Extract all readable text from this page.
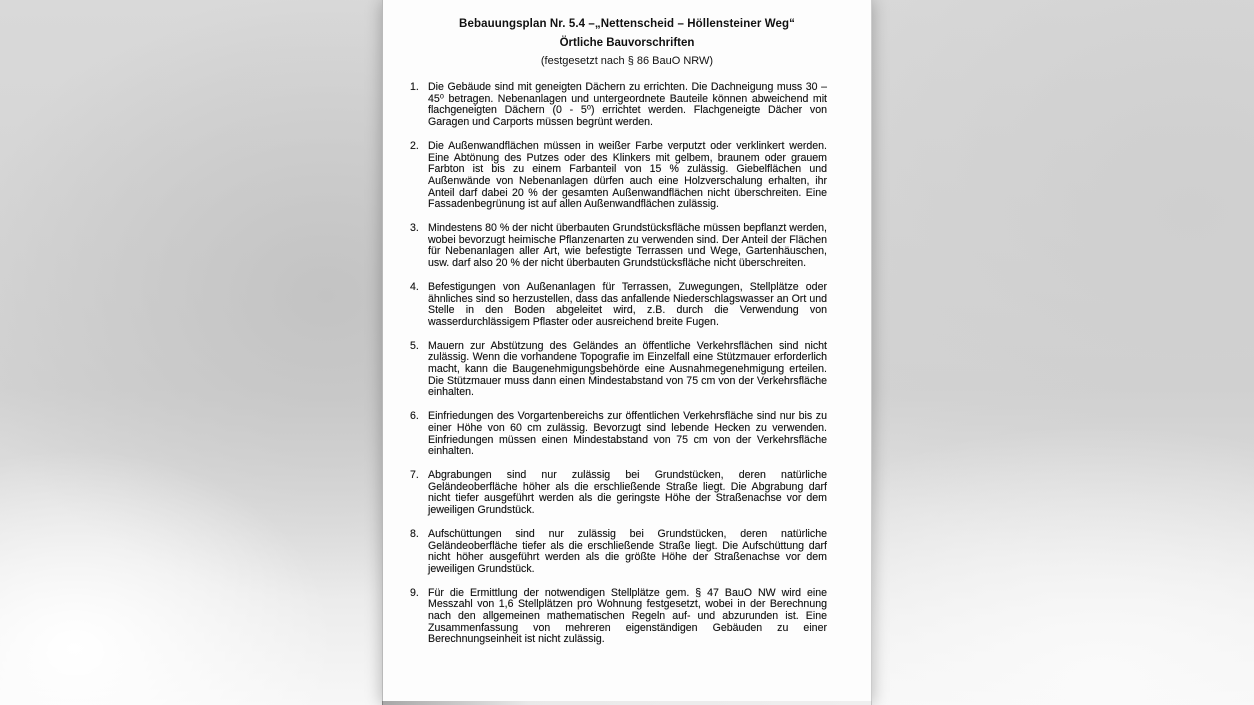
Bebauungsplan Nr. 5.4 –„Nettenscheid – Höllensteiner Weg“

Örtliche Bauvorschriften

(festgesetzt nach § 86 BauO NRW)

1. Die Gebäude sind mit geneigten Dächern zu errichten. Die Dachneigung muss 30 – 45⁰ betragen. Nebenanlagen und untergeordnete Bauteile können abweichend mit flachgeneigten Dächern (0 - 5⁰) errichtet werden. Flachgeneigte Dächer von Garagen und Carports müssen begrünt werden.

2. Die Außenwandflächen müssen in weißer Farbe verputzt oder verklinkert werden. Eine Abtönung des Putzes oder des Klinkers mit gelbem, braunem oder grauem Farbton ist bis zu einem Farbanteil von 15 % zulässig. Giebelflächen und Außenwände von Nebenanlagen dürfen auch eine Holzverschalung erhalten, ihr Anteil darf dabei 20 % der gesamten Außenwandflächen nicht überschreiten. Eine Fassadenbegrünung ist auf allen Außenwandflächen zulässig.

3. Mindestens 80 % der nicht überbauten Grundstücksfläche müssen bepflanzt werden, wobei bevorzugt heimische Pflanzenarten zu verwenden sind. Der Anteil der Flächen für Nebenanlagen aller Art, wie befestigte Terrassen und Wege, Gartenhäuschen, usw. darf also 20 % der nicht überbauten Grundstücksfläche nicht überschreiten.

4. Befestigungen von Außenanlagen für Terrassen, Zuwegungen, Stellplätze oder ähnliches sind so herzustellen, dass das anfallende Niederschlagswasser an Ort und Stelle in den Boden abgeleitet wird, z.B. durch die Verwendung von wasserdurchlässigem Pflaster oder ausreichend breite Fugen.

5. Mauern zur Abstützung des Geländes an öffentliche Verkehrsflächen sind nicht zulässig. Wenn die vorhandene Topografie im Einzelfall eine Stützmauer erforderlich macht, kann die Baugenehmigungsbehörde eine Ausnahmegenehmigung erteilen. Die Stützmauer muss dann einen Mindestabstand von 75 cm von der Verkehrsfläche einhalten.

6. Einfriedungen des Vorgartenbereichs zur öffentlichen Verkehrsfläche sind nur bis zu einer Höhe von 60 cm zulässig. Bevorzugt sind lebende Hecken zu verwenden. Einfriedungen müssen einen Mindestabstand von 75 cm von der Verkehrsfläche einhalten.

7. Abgrabungen sind nur zulässig bei Grundstücken, deren natürliche Geländeoberfläche höher als die erschließende Straße liegt. Die Abgrabung darf nicht tiefer ausgeführt werden als die geringste Höhe der Straßenachse vor dem jeweiligen Grundstück.

8. Aufschüttungen sind nur zulässig bei Grundstücken, deren natürliche Geländeoberfläche tiefer als die erschließende Straße liegt. Die Aufschüttung darf nicht höher ausgeführt werden als die größte Höhe der Straßenachse vor dem jeweiligen Grundstück.

9. Für die Ermittlung der notwendigen Stellplätze gem. § 47 BauO NW wird eine Messzahl von 1,6 Stellplätzen pro Wohnung festgesetzt, wobei in der Berechnung nach den allgemeinen mathematischen Regeln auf- und abzurunden ist. Eine Zusammenfassung von mehreren eigenständigen Gebäuden zu einer Berechnungseinheit ist nicht zulässig.
